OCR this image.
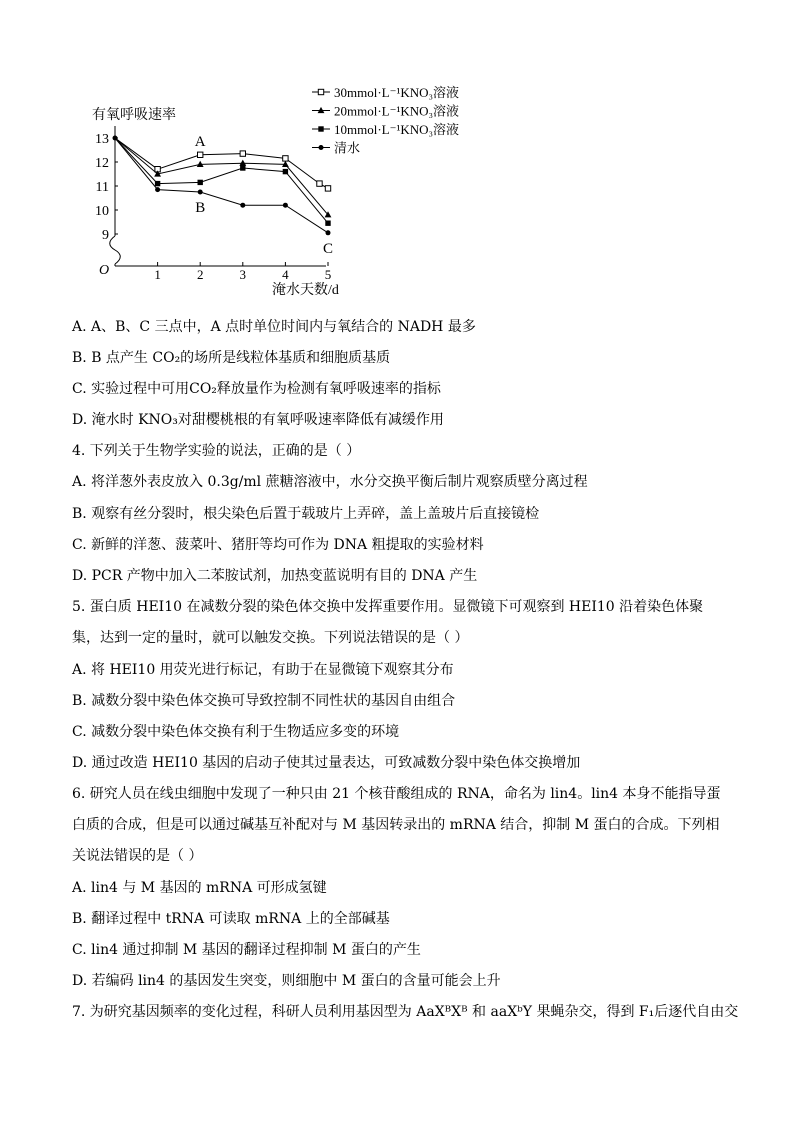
有氧呼吸速率
淹水天数/d
O
9
10
11
12
13
1	2	3	4	5
A
B
C
30mmol·L⁻¹KNO₃溶液
20mmol·L⁻¹KNO₃溶液
10mmol·L⁻¹KNO₃溶液
清水
A. A、B、C 三点中，A 点时单位时间内与氧结合的 NADH 最多
B. B 点产生 CO₂的场所是线粒体基质和细胞质基质
C. 实验过程中可用CO₂释放量作为检测有氧呼吸速率的指标
D. 淹水时 KNO₃对甜樱桃根的有氧呼吸速率降低有减缓作用
4. 下列关于生物学实验的说法，正确的是（ ）
A. 将洋葱外表皮放入 0.3g/ml 蔗糖溶液中，水分交换平衡后制片观察质壁分离过程
B. 观察有丝分裂时，根尖染色后置于载玻片上弄碎，盖上盖玻片后直接镜检
C. 新鲜的洋葱、菠菜叶、猪肝等均可作为 DNA 粗提取的实验材料
D. PCR 产物中加入二苯胺试剂，加热变蓝说明有目的 DNA 产生
5. 蛋白质 HEI10 在减数分裂的染色体交换中发挥重要作用。显微镜下可观察到 HEI10 沿着染色体聚集，达到一定的量时，就可以触发交换。下列说法错误的是（ ）
A. 将 HEI10 用荧光进行标记，有助于在显微镜下观察其分布
B. 减数分裂中染色体交换可导致控制不同性状的基因自由组合
C. 减数分裂中染色体交换有利于生物适应多变的环境
D. 通过改造 HEI10 基因的启动子使其过量表达，可致减数分裂中染色体交换增加
6. 研究人员在线虫细胞中发现了一种只由 21 个核苷酸组成的 RNA，命名为 lin4。lin4 本身不能指导蛋白质的合成，但是可以通过碱基互补配对与 M 基因转录出的 mRNA 结合，抑制 M 蛋白的合成。下列相关说法错误的是（ ）
A. lin4 与 M 基因的 mRNA 可形成氢键
B. 翻译过程中 tRNA 可读取 mRNA 上的全部碱基
C. lin4 通过抑制 M 基因的翻译过程抑制 M 蛋白的产生
D. 若编码 lin4 的基因发生突变，则细胞中 M 蛋白的含量可能会上升
7. 为研究基因频率的变化过程，科研人员利用基因型为 AaXᴮXᴮ 和 aaXᵇY 果蝇杂交，得到 F₁后逐代自由交
